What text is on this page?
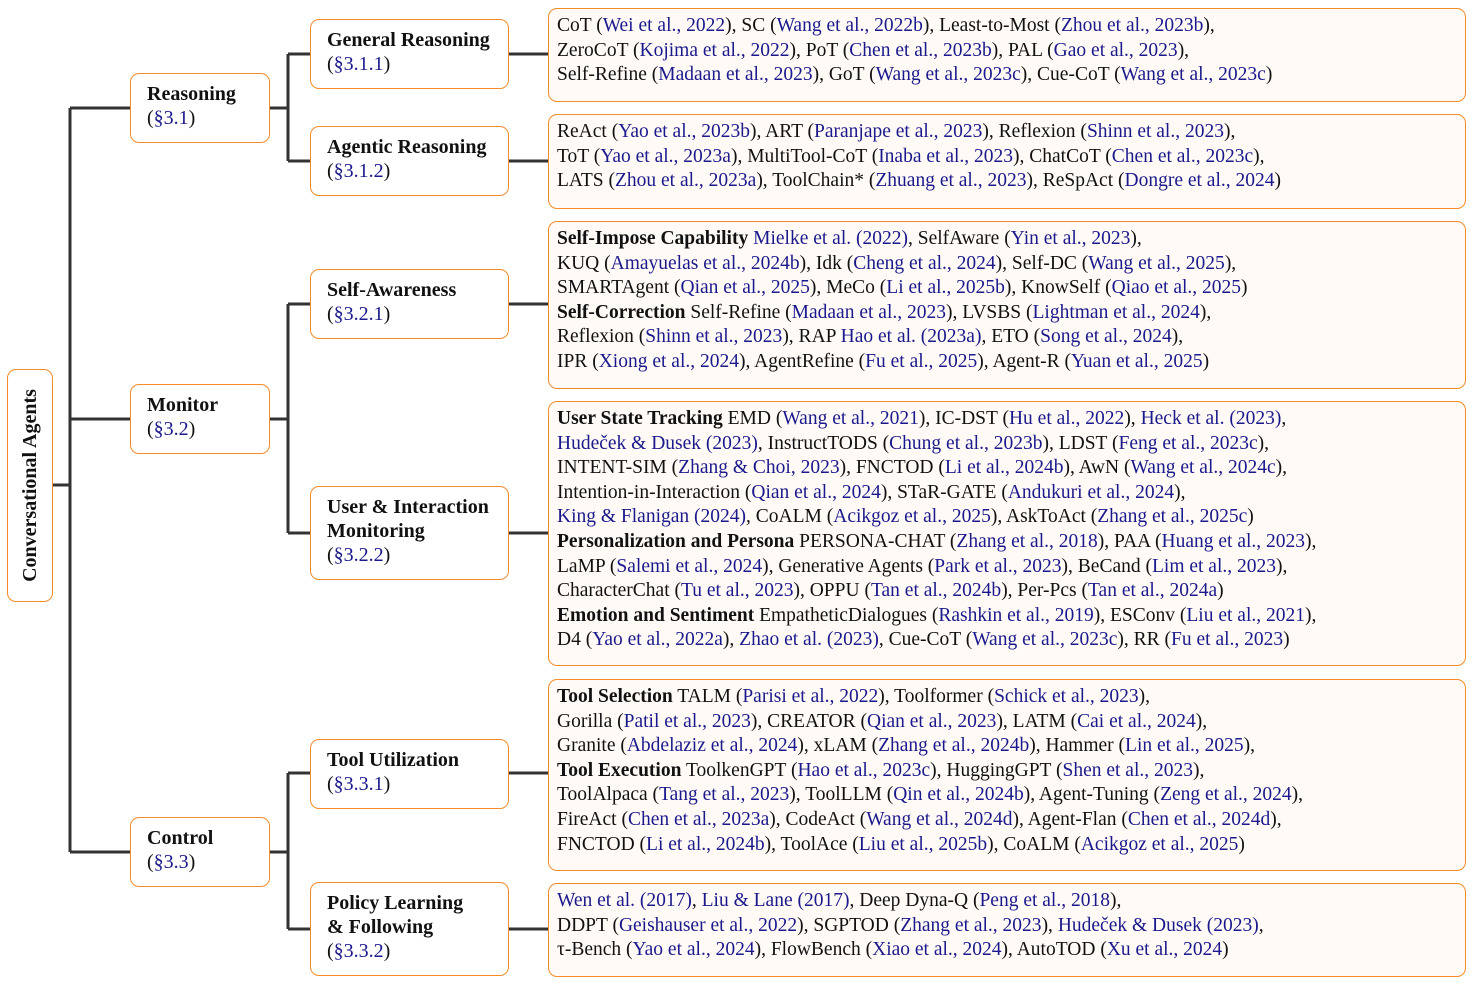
Conversational Agents
Reasoning
(§3.1)
Monitor
(§3.2)
Control
(§3.3)
General Reasoning
(§3.1.1)
Agentic Reasoning
(§3.1.2)
Self-Awareness
(§3.2.1)
User & Interaction
Monitoring
(§3.2.2)
Tool Utilization
(§3.3.1)
Policy Learning
& Following
(§3.3.2)
CoT (Wei et al., 2022), SC (Wang et al., 2022b), Least-to-Most (Zhou et al., 2023b),
ZeroCoT (Kojima et al., 2022), PoT (Chen et al., 2023b), PAL (Gao et al., 2023),
Self-Refine (Madaan et al., 2023), GoT (Wang et al., 2023c), Cue-CoT (Wang et al., 2023c)
ReAct (Yao et al., 2023b), ART (Paranjape et al., 2023), Reflexion (Shinn et al., 2023),
ToT (Yao et al., 2023a), MultiTool-CoT (Inaba et al., 2023), ChatCoT (Chen et al., 2023c),
LATS (Zhou et al., 2023a), ToolChain* (Zhuang et al., 2023), ReSpAct (Dongre et al., 2024)
Self-Impose Capability Mielke et al. (2022), SelfAware (Yin et al., 2023),
KUQ (Amayuelas et al., 2024b), Idk (Cheng et al., 2024), Self-DC (Wang et al., 2025),
SMARTAgent (Qian et al., 2025), MeCo (Li et al., 2025b), KnowSelf (Qiao et al., 2025)
Self-Correction Self-Refine (Madaan et al., 2023), LVSBS (Lightman et al., 2024),
Reflexion (Shinn et al., 2023), RAP Hao et al. (2023a), ETO (Song et al., 2024),
IPR (Xiong et al., 2024), AgentRefine (Fu et al., 2025), Agent-R (Yuan et al., 2025)
User State Tracking EMD (Wang et al., 2021), IC-DST (Hu et al., 2022), Heck et al. (2023),
Hudeček & Dusek (2023), InstructTODS (Chung et al., 2023b), LDST (Feng et al., 2023c),
INTENT-SIM (Zhang & Choi, 2023), FNCTOD (Li et al., 2024b), AwN (Wang et al., 2024c),
Intention-in-Interaction (Qian et al., 2024), STaR-GATE (Andukuri et al., 2024),
King & Flanigan (2024), CoALM (Acikgoz et al., 2025), AskToAct (Zhang et al., 2025c)
Personalization and Persona PERSONA-CHAT (Zhang et al., 2018), PAA (Huang et al., 2023),
LaMP (Salemi et al., 2024), Generative Agents (Park et al., 2023), BeCand (Lim et al., 2023),
CharacterChat (Tu et al., 2023), OPPU (Tan et al., 2024b), Per-Pcs (Tan et al., 2024a)
Emotion and Sentiment EmpatheticDialogues (Rashkin et al., 2019), ESConv (Liu et al., 2021),
D4 (Yao et al., 2022a), Zhao et al. (2023), Cue-CoT (Wang et al., 2023c), RR (Fu et al., 2023)
Tool Selection TALM (Parisi et al., 2022), Toolformer (Schick et al., 2023),
Gorilla (Patil et al., 2023), CREATOR (Qian et al., 2023), LATM (Cai et al., 2024),
Granite (Abdelaziz et al., 2024), xLAM (Zhang et al., 2024b), Hammer (Lin et al., 2025),
Tool Execution ToolkenGPT (Hao et al., 2023c), HuggingGPT (Shen et al., 2023),
ToolAlpaca (Tang et al., 2023), ToolLLM (Qin et al., 2024b), Agent-Tuning (Zeng et al., 2024),
FireAct (Chen et al., 2023a), CodeAct (Wang et al., 2024d), Agent-Flan (Chen et al., 2024d),
FNCTOD (Li et al., 2024b), ToolAce (Liu et al., 2025b), CoALM (Acikgoz et al., 2025)
Wen et al. (2017), Liu & Lane (2017), Deep Dyna-Q (Peng et al., 2018),
DDPT (Geishauser et al., 2022), SGPTOD (Zhang et al., 2023), Hudeček & Dusek (2023),
τ-Bench (Yao et al., 2024), FlowBench (Xiao et al., 2024), AutoTOD (Xu et al., 2024)
